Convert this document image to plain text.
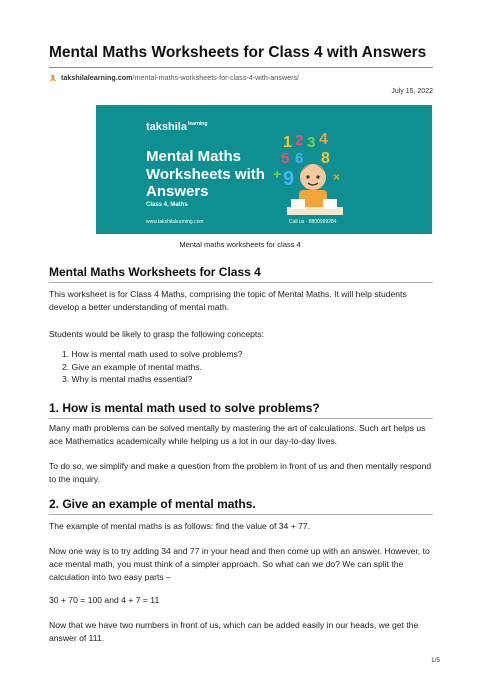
Mental Maths Worksheets for Class 4 with Answers
takshilalearning.com/mental-maths-worksheets-for-class-4-with-answers/
July 15, 2022
takshila$^{learning}$
Mental Maths Worksheets with Answers
Class 4, Maths
www.takshilalearning.com	Call us - 8800999284
1 2 3 4
5 6 8
+ 9	×
Mental maths worksheets for class 4
Mental Maths Worksheets for Class 4

This worksheet is for Class 4 Maths, comprising the topic of Mental Maths. It will help students develop a better understanding of mental math.

Students would be likely to grasp the following concepts:

1. How is mental math used to solve problems?
2. Give an example of mental maths.
3. Why is mental maths essential?
1. How is mental math used to solve problems?

Many math problems can be solved mentally by mastering the art of calculations. Such art helps us ace Mathematics academically while helping us a lot in our day-to-day lives.

To do so, we simplify and make a question from the problem in front of us and then mentally respond to the inquiry.

2. Give an example of mental maths.

The example of mental maths is as follows: find the value of 34 + 77.

Now one way is to try adding 34 and 77 in your head and then come up with an answer. However, to ace mental math, you must think of a simpler approach. So what can we do? We can split the calculation into two easy parts –

30 + 70 = 100 and 4 + 7 = 11

Now that we have two numbers in front of us, which can be added easily in our heads, we get the answer of 111.

1/5
